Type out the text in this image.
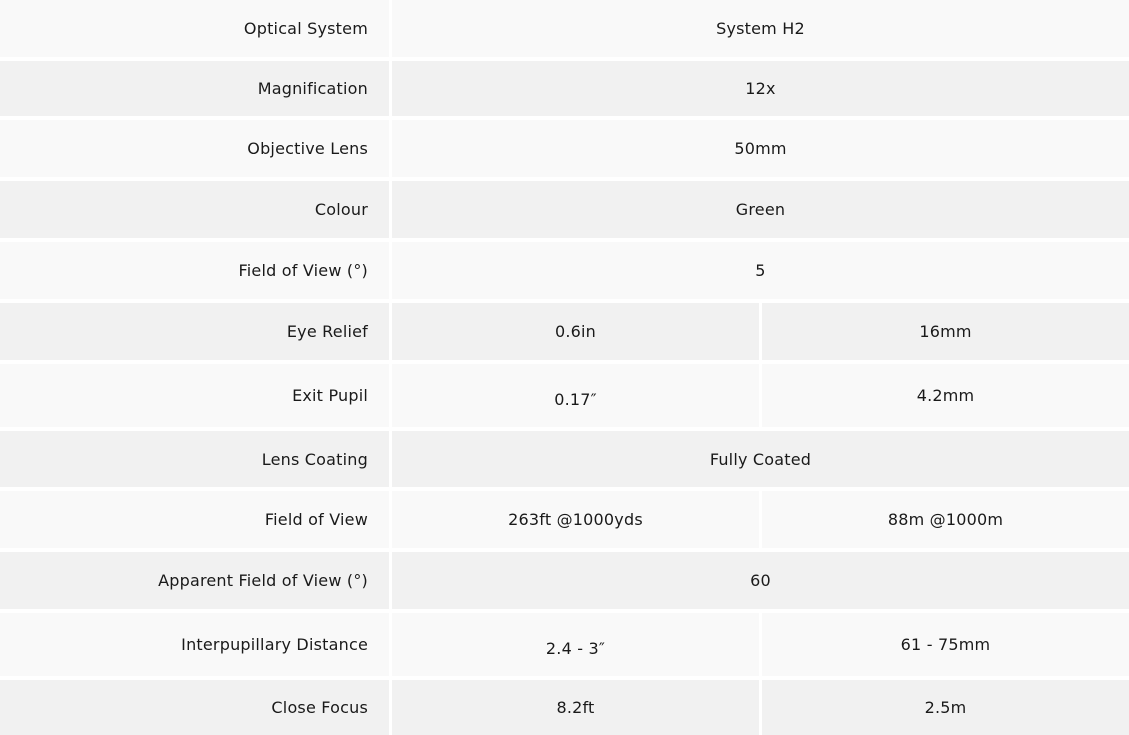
Optical System	System H2
Magnification	12x
Objective Lens	50mm
Colour	Green
Field of View (°)	5
Eye Relief	0.6in	16mm
Exit Pupil	0.17″	4.2mm
Lens Coating	Fully Coated
Field of View	263ft @1000yds	88m @1000m
Apparent Field of View (°)	60
Interpupillary Distance	2.4 - 3″	61 - 75mm
Close Focus	8.2ft	2.5m
